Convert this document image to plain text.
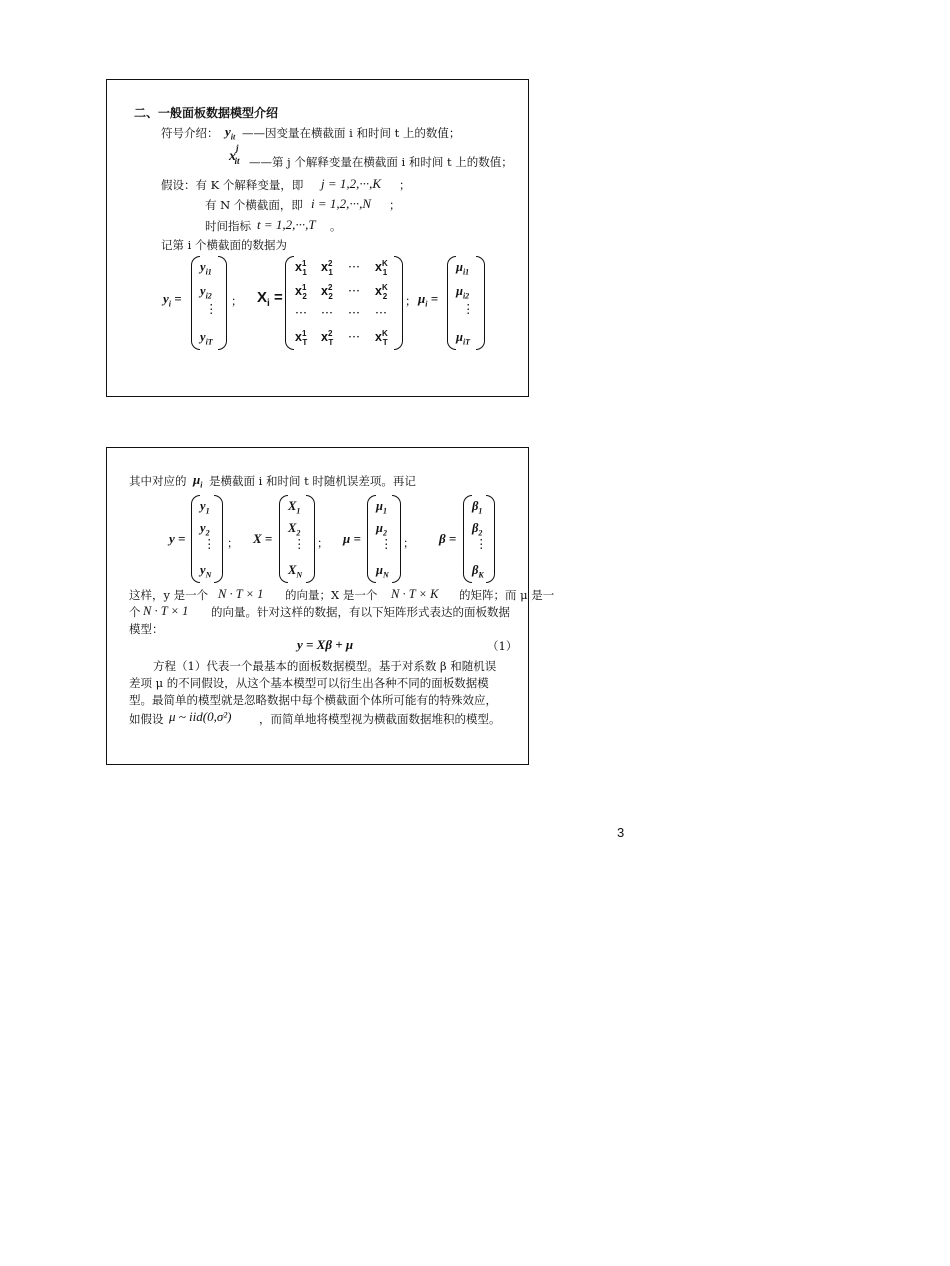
二、一般面板数据模型介绍
符号介绍： $y_{it}$ ——因变量在横截面 i 和时间 t 上的数值；
$x^j_{it}$ ——第 j 个解释变量在横截面 i 和时间 t 上的数值；
假设：有 K 个解释变量，即 j = 1,2,···,K ；
有 N 个横截面，即 i = 1,2,···,N ；
时间指标 t = 1,2,···,T 。
记第 i 个横截面的数据为
$y_i$ =
$y_{i1}$
$y_{i2}$
⋮
$y_{iT}$
； $X_i$ =
$x^1_1$ $x^2_1$ ··· $x^K_1$
$x^1_2$ $x^2_2$ ··· $x^K_2$
··· ··· ··· ···
$x^1_T$ $x^2_T$ ··· $x^K_T$
； $\mu_i$ =
$\mu_{i1}$
$\mu_{i2}$
⋮
$\mu_{iT}$
其中对应的 $\mu_i$ 是横截面 i 和时间 t 时随机误差项。再记
y =
$y_1$
$y_2$
⋮
$y_N$
； X =
$X_1$
$X_2$
⋮
$X_N$
； μ =
$\mu_1$
$\mu_2$
⋮
$\mu_N$
； β =
$\beta_1$
$\beta_2$
⋮
$\beta_K$
这样，y 是一个 N · T × 1 的向量；X 是一个 N · T × K 的矩阵；而 μ 是一
个 N · T × 1 的向量。针对这样的数据，有以下矩阵形式表达的面板数据
模型：
y = Xβ + μ	（1）
方程（1）代表一个最基本的面板数据模型。基于对系数 β 和随机误
差项 μ 的不同假设，从这个基本模型可以衍生出各种不同的面板数据模
型。最简单的模型就是忽略数据中每个横截面个体所可能有的特殊效应，
如假设 μ ~ iid(0,σ²) ，而简单地将模型视为横截面数据堆积的模型。
3
